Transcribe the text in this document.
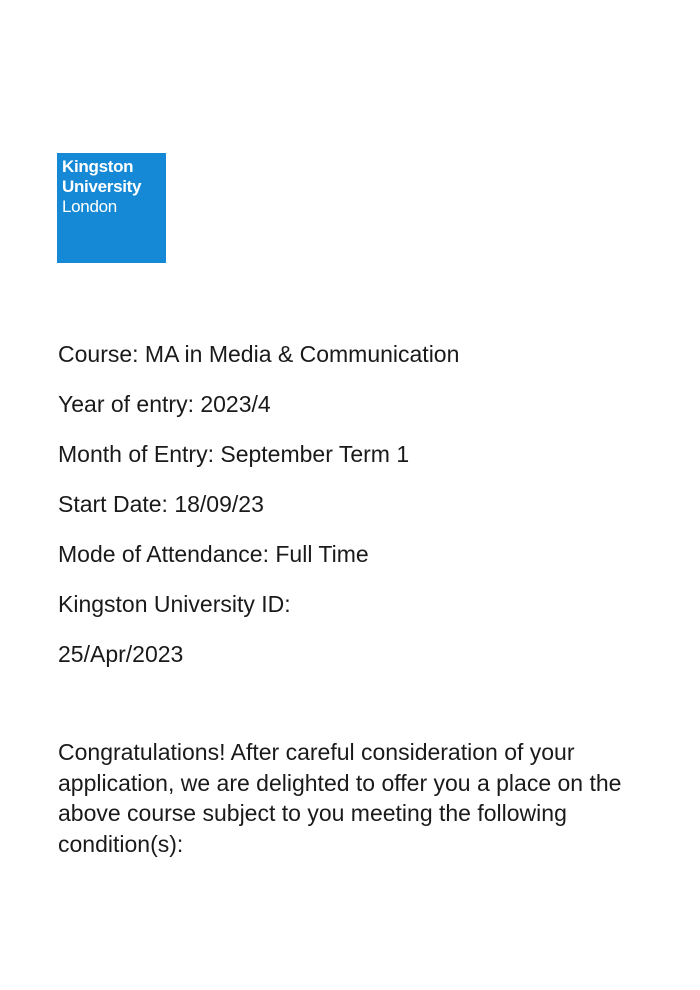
Kingston
University
London
Course: MA in Media & Communication
Year of entry: 2023/4
Month of Entry: September Term 1
Start Date: 18/09/23
Mode of Attendance: Full Time
Kingston University ID:
25/Apr/2023

Congratulations! After careful consideration of your application, we are delighted to offer you a place on the above course subject to you meeting the following condition(s):
